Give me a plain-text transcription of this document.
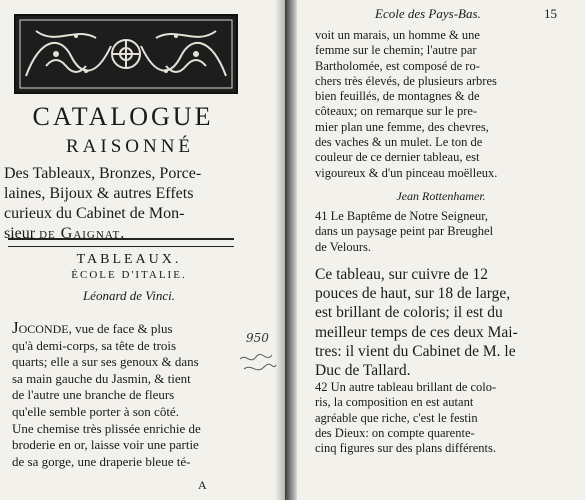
CATALOGUE
RAISONNÉ
Des Tableaux, Bronzes, Porce-
laines, Bijoux & autres Effets
curieux du Cabinet de Mon-
sieur de Gaignat.
TABLEAUX.
ÉCOLE D'ITALIE.
Léonard de Vinci.
Joconde, vue de face & plus
qu'à demi-corps, sa tête de trois
quarts; elle a sur ses genoux & dans
sa main gauche du Jasmin, & tient
de l'autre une branche de fleurs
qu'elle semble porter à son côté.
Une chemise très plissée enrichie de
broderie en or, laisse voir une partie
de sa gorge, une draperie bleue té-
A
950
Ecole des Pays-Bas.	15
voit un marais, un homme & une
femme sur le chemin; l'autre par
Bartholomée, est composé de ro-
chers très élevés, de plusieurs arbres
bien feuillés, de montagnes & de
côteaux; on remarque sur le pre-
mier plan une femme, des chevres,
des vaches & un mulet. Le ton de
couleur de ce dernier tableau, est
vigoureux & d'un pinceau moëlleux.
Jean Rottenhamer.
41 Le Baptême de Notre Seigneur,
dans un paysage peint par Breughel
de Velours.
Ce tableau, sur cuivre de 12
pouces de haut, sur 18 de large,
est brillant de coloris; il est du
meilleur temps de ces deux Mai-
tres: il vient du Cabinet de M. le
Duc de Tallard.
42 Un autre tableau brillant de colo-
ris, la composition en est autant
agréable que riche, c'est le festin
des Dieux: on compte quarente-
cinq figures sur des plans différents.
